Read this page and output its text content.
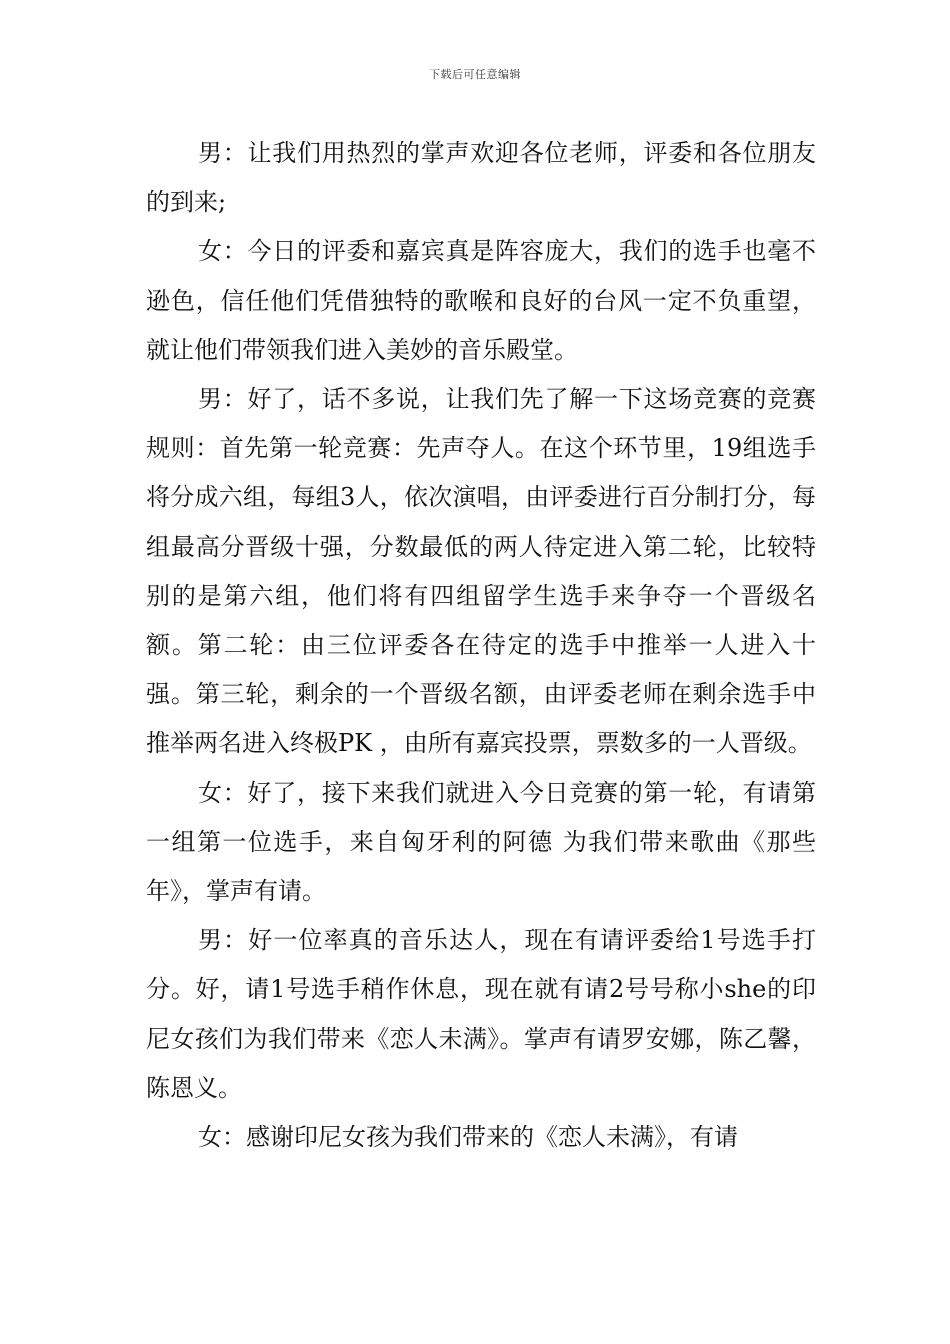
下载后可任意编辑

男：让我们用热烈的掌声欢迎各位老师，评委和各位朋友的到来;

女：今日的评委和嘉宾真是阵容庞大，我们的选手也毫不逊色，信任他们凭借独特的歌喉和良好的台风一定不负重望，就让他们带领我们进入美妙的音乐殿堂。

男：好了，话不多说，让我们先了解一下这场竞赛的竞赛规则：首先第一轮竞赛：先声夺人。在这个环节里，19组选手将分成六组，每组3人，依次演唱，由评委进行百分制打分，每组最高分晋级十强，分数最低的两人待定进入第二轮，比较特别的是第六组，他们将有四组留学生选手来争夺一个晋级名额。第二轮：由三位评委各在待定的选手中推举一人进入十强。第三轮，剩余的一个晋级名额，由评委老师在剩余选手中推举两名进入终极PK ，由所有嘉宾投票，票数多的一人晋级。

女：好了，接下来我们就进入今日竞赛的第一轮，有请第一组第一位选手，来自匈牙利的阿德 为我们带来歌曲《那些年》，掌声有请。

男：好一位率真的音乐达人，现在有请评委给1号选手打分。好，请1号选手稍作休息，现在就有请2号号称小she的印尼女孩们为我们带来《恋人未满》。掌声有请罗安娜，陈乙馨，陈恩义。

女：感谢印尼女孩为我们带来的《恋人未满》，有请
